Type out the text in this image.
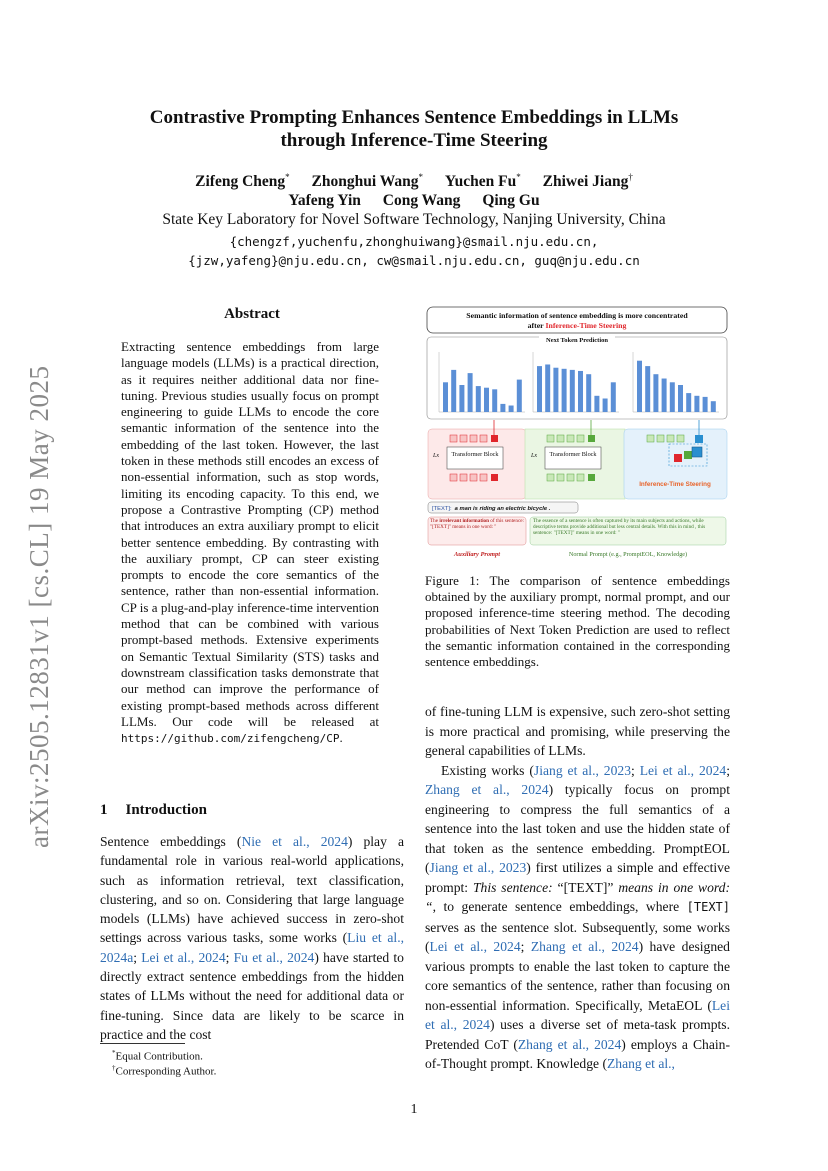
arXiv:2505.12831v1 [cs.CL] 19 May 2025
Contrastive Prompting Enhances Sentence Embeddings in LLMs
through Inference-Time Steering
Zifeng Cheng* Zhonghui Wang* Yuchen Fu* Zhiwei Jiang†
Yafeng Yin Cong Wang Qing Gu
State Key Laboratory for Novel Software Technology, Nanjing University, China
{chengzf,yuchenfu,zhonghuiwang}@smail.nju.edu.cn,
{jzw,yafeng}@nju.edu.cn, cw@smail.nju.edu.cn, guq@nju.edu.cn
Abstract
Extracting sentence embeddings from large language models (LLMs) is a practical direction, as it requires neither additional data nor fine-tuning. Previous studies usually focus on prompt engineering to guide LLMs to encode the core semantic information of the sentence into the embedding of the last token. However, the last token in these methods still encodes an excess of non-essential information, such as stop words, limiting its encoding capacity. To this end, we propose a Contrastive Prompting (CP) method that introduces an extra auxiliary prompt to elicit better sentence embedding. By contrasting with the auxiliary prompt, CP can steer existing prompts to encode the core semantics of the sentence, rather than non-essential information. CP is a plug-and-play inference-time intervention method that can be combined with various prompt-based methods. Extensive experiments on Semantic Textual Similarity (STS) tasks and downstream classification tasks demonstrate that our method can improve the performance of existing prompt-based methods across different LLMs. Our code will be released at https://github.com/zifengcheng/CP.
1 Introduction
Sentence embeddings (Nie et al., 2024) play a fundamental role in various real-world applications, such as information retrieval, text classification, clustering, and so on. Considering that large language models (LLMs) have achieved success in zero-shot settings across various tasks, some works (Liu et al., 2024a; Lei et al., 2024; Fu et al., 2024) have started to directly extract sentence embeddings from the hidden states of LLMs without the need for additional data or fine-tuning. Since data are likely to be scarce in practice and the cost
*Equal Contribution.
†Corresponding Author.
Semantic information of sentence embedding is more concentrated
after Inference-Time Steering
Next Token Prediction
Transformer Block
Lx	Transformer Block
Lx
Inference-Time Steering
[TEXT]: a man is riding an electric bicycle .
The irrelevant information of this sentence: "[TEXT]" means in one word: "
The essence of a sentence is often captured by its main subjects and actions, while descriptive terms provide additional but less central details. With this in mind , this sentence: "[TEXT]" means in one word: "
Auxiliary Prompt	Normal Prompt (e.g., PromptEOL, Knowledge)
Figure 1: The comparison of sentence embeddings obtained by the auxiliary prompt, normal prompt, and our proposed inference-time steering method. The decoding probabilities of Next Token Prediction are used to reflect the semantic information contained in the corresponding sentence embeddings.

of fine-tuning LLM is expensive, such zero-shot setting is more practical and promising, while preserving the general capabilities of LLMs.

Existing works (Jiang et al., 2023; Lei et al., 2024; Zhang et al., 2024) typically focus on prompt engineering to compress the full semantics of a sentence into the last token and use the hidden state of that token as the sentence embedding. PromptEOL (Jiang et al., 2023) first utilizes a simple and effective prompt: This sentence: “[TEXT]” means in one word: “, to generate sentence embeddings, where [TEXT] serves as the sentence slot. Subsequently, some works (Lei et al., 2024; Zhang et al., 2024) have designed various prompts to enable the last token to capture the core semantics of the sentence, rather than focusing on non-essential information. Specifically, MetaEOL (Lei et al., 2024) uses a diverse set of meta-task prompts. Pretended CoT (Zhang et al., 2024) employs a Chain-of-Thought prompt. Knowledge (Zhang et al.,

1
